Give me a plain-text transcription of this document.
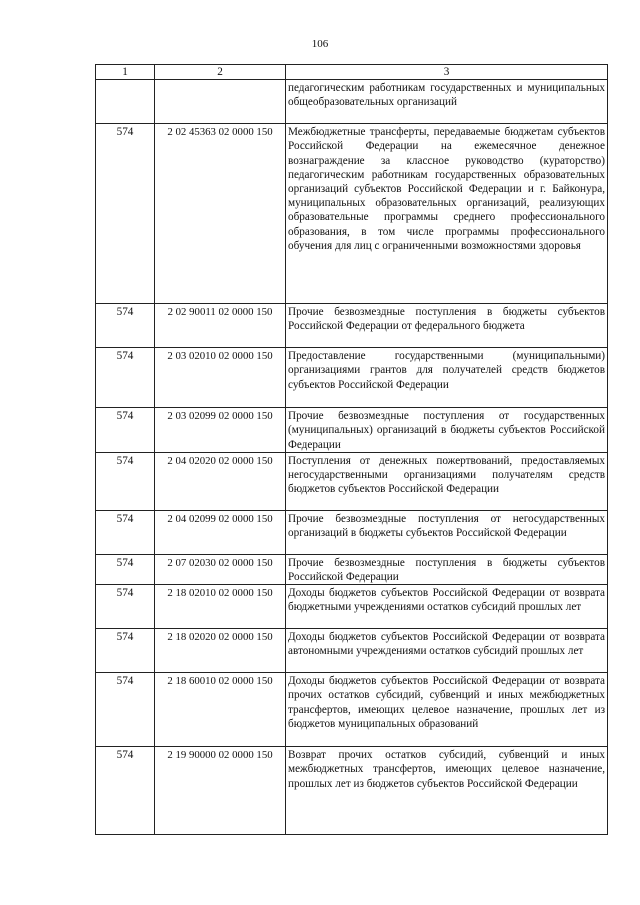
106
1	2	3
		педагогическим работникам государственных и муниципальных общеобразовательных организаций
574	2 02 45363 02 0000 150	Межбюджетные трансферты, передаваемые бюджетам субъектов Российской Федерации на ежемесячное денежное вознаграждение за классное руководство (кураторство) педагогическим работникам государственных образовательных организаций субъектов Российской Федерации и г. Байконура, муниципальных образовательных организаций, реализующих образовательные программы среднего профессионального образования, в том числе программы профессионального обучения для лиц с ограниченными возможностями здоровья
574	2 02 90011 02 0000 150	Прочие безвозмездные поступления в бюджеты субъектов Российской Федерации от федерального бюджета
574	2 03 02010 02 0000 150	Предоставление государственными (муниципальными) организациями грантов для получателей средств бюджетов субъектов Российской Федерации
574	2 03 02099 02 0000 150	Прочие безвозмездные поступления от государственных (муниципальных) организаций в бюджеты субъектов Российской Федерации
574	2 04 02020 02 0000 150	Поступления от денежных пожертвований, предоставляемых негосударственными организациями получателям средств бюджетов субъектов Российской Федерации
574	2 04 02099 02 0000 150	Прочие безвозмездные поступления от негосударственных организаций в бюджеты субъектов Российской Федерации
574	2 07 02030 02 0000 150	Прочие безвозмездные поступления в бюджеты субъектов Российской Федерации
574	2 18 02010 02 0000 150	Доходы бюджетов субъектов Российской Федерации от возврата бюджетными учреждениями остатков субсидий прошлых лет
574	2 18 02020 02 0000 150	Доходы бюджетов субъектов Российской Федерации от возврата автономными учреждениями остатков субсидий прошлых лет
574	2 18 60010 02 0000 150	Доходы бюджетов субъектов Российской Федерации от возврата прочих остатков субсидий, субвенций и иных межбюджетных трансфертов, имеющих целевое назначение, прошлых лет из бюджетов муниципальных образований
574	2 19 90000 02 0000 150	Возврат прочих остатков субсидий, субвенций и иных межбюджетных трансфертов, имеющих целевое назначение, прошлых лет из бюджетов субъектов Российской Федерации
